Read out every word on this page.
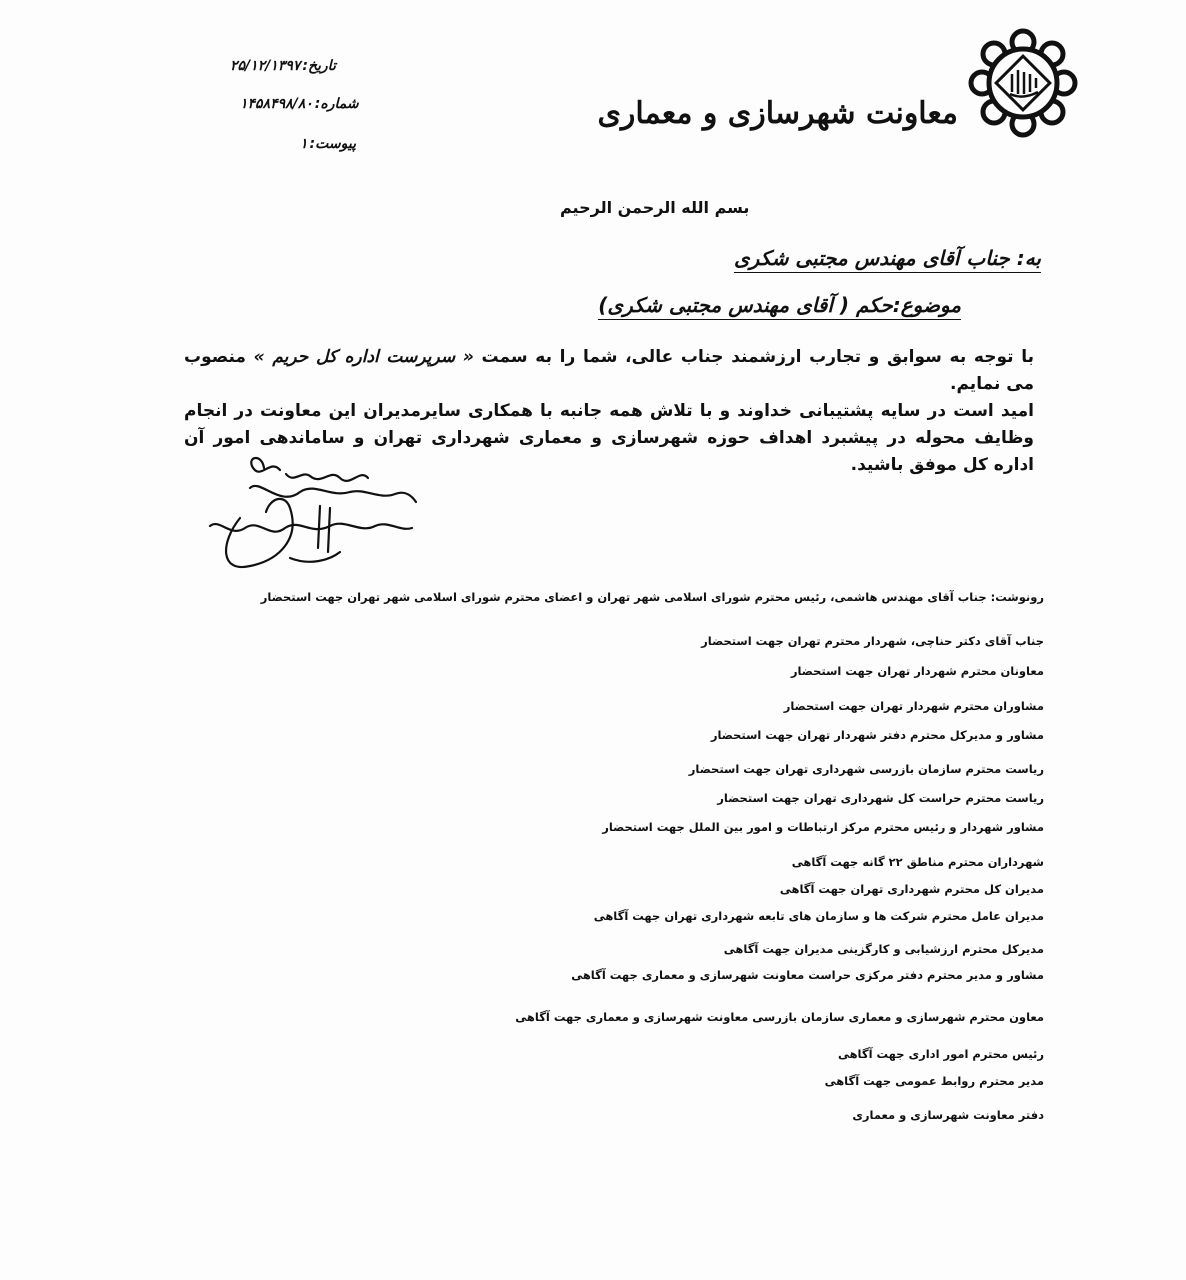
معاونت شهرسازی و معماری
تاریخ:۲۵/۱۲/۱۳۹۷
شماره:۱۴۵۸۴۹۸/۸۰
پیوست:۱
بسم الله الرحمن الرحيم
به: جناب آقای مهندس مجتبی شکری
موضوع:حکم ( آقای مهندس مجتبی شکری)
با توجه به سوابق و تجارب ارزشمند جناب عالی، شما را به سمت « سرپرست اداره کل حریم » منصوب می نمایم.
امید است در سایه پشتیبانی خداوند و با تلاش همه جانبه با همکاری سایرمدیران این معاونت در انجام وظایف محوله در پیشبرد اهداف حوزه شهرسازی و معماری شهرداری تهران و ساماندهی امور آن اداره کل موفق باشید.
رونوشت: جناب آقای مهندس هاشمی، رئیس محترم شورای اسلامی شهر تهران و اعضای محترم شورای اسلامی شهر تهران جهت استحضار
جناب آقای دکتر حناچی، شهردار محترم تهران جهت استحضار
معاونان محترم شهردار تهران جهت استحضار
مشاوران محترم شهردار تهران جهت استحضار
مشاور و مدیرکل محترم دفتر شهردار تهران جهت استحضار
ریاست محترم سازمان بازرسی شهرداری تهران جهت استحضار
ریاست محترم حراست کل شهرداری تهران جهت استحضار
مشاور شهردار و رئیس محترم مرکز ارتباطات و امور بین الملل جهت استحضار
شهرداران محترم مناطق ۲۲ گانه جهت آگاهی
مدیران کل محترم شهرداری تهران جهت آگاهی
مدیران عامل محترم شرکت ها و سازمان های تابعه شهرداری تهران جهت آگاهی
مدیرکل محترم ارزشیابی و کارگزینی مدیران جهت آگاهی
مشاور و مدیر محترم دفتر مرکزی حراست معاونت شهرسازی و معماری جهت آگاهی
معاون محترم شهرسازی و معماری سازمان بازرسی معاونت شهرسازی و معماری جهت آگاهی
رئیس محترم امور اداری جهت آگاهی
مدیر محترم روابط عمومی جهت آگاهی
دفتر معاونت شهرسازی و معماری
